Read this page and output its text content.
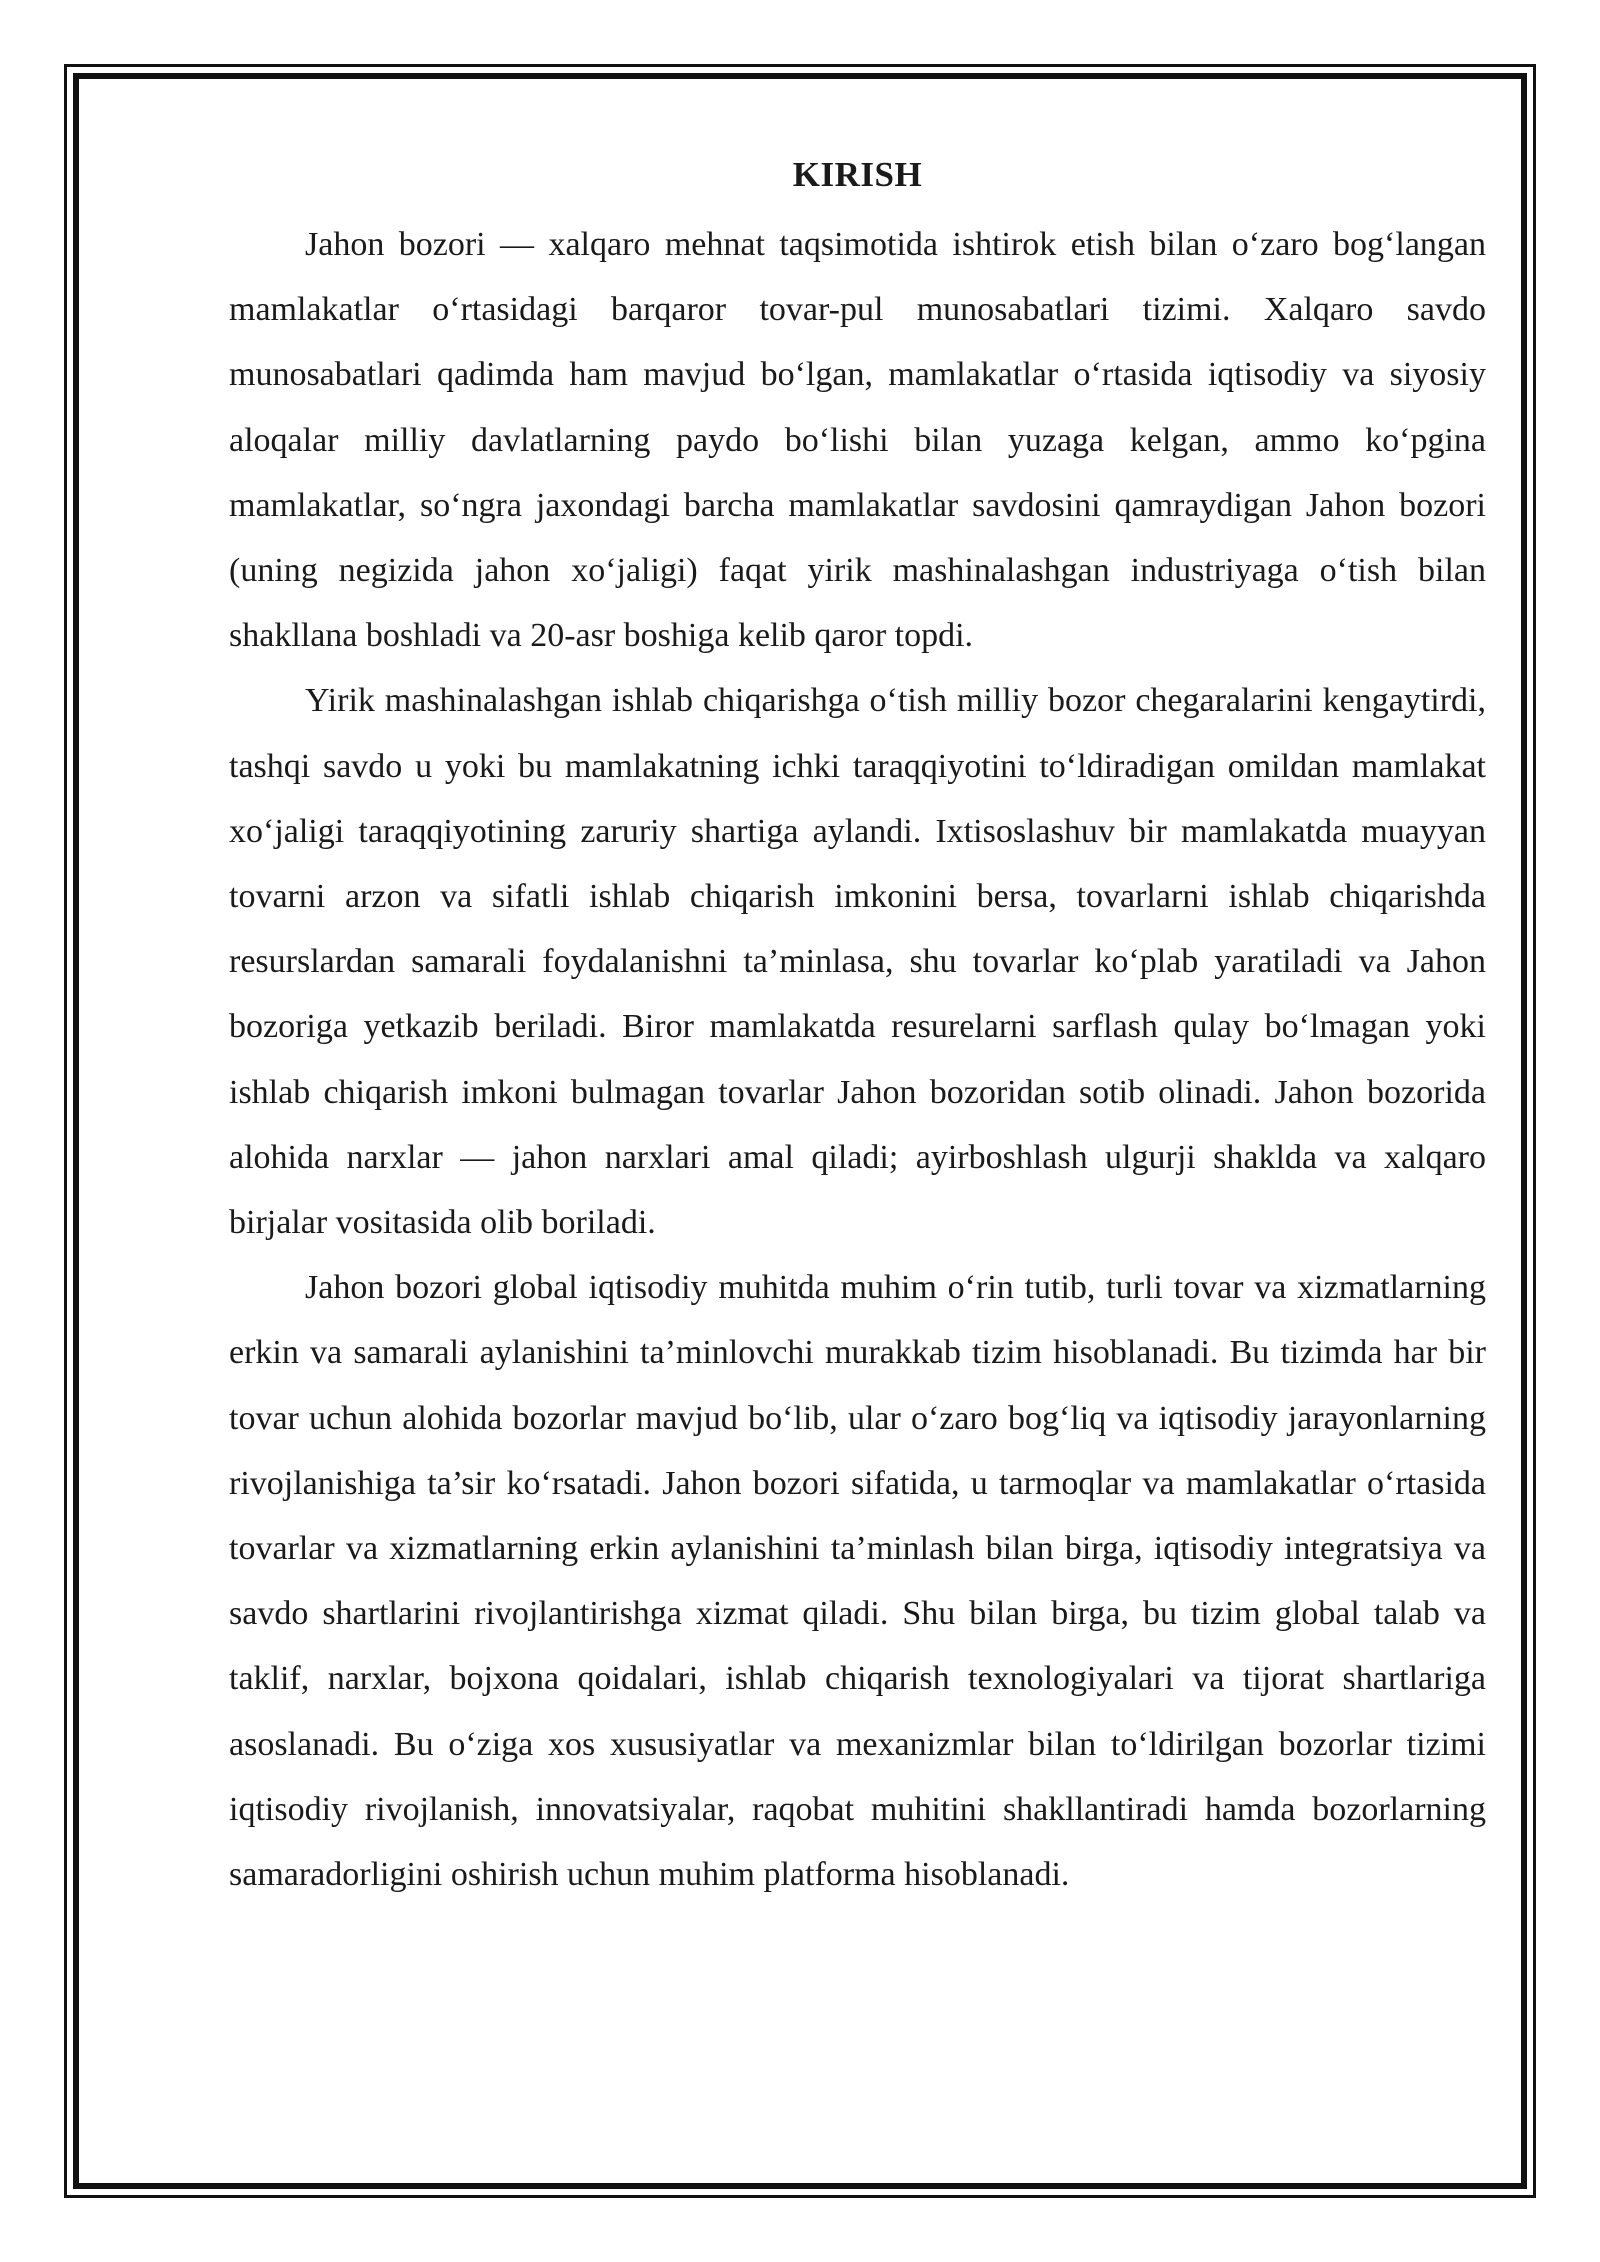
KIRISH

Jahon bozori — xalqaro mehnat taqsimotida ishtirok etish bilan o‘zaro bog‘langan mamlakatlar o‘rtasidagi barqaror tovar-pul munosabatlari tizimi. Xalqaro savdo munosabatlari qadimda ham mavjud bo‘lgan, mamlakatlar o‘rtasida iqtisodiy va siyosiy aloqalar milliy davlatlarning paydo bo‘lishi bilan yuzaga kelgan, ammo ko‘pgina mamlakatlar, so‘ngra jaxondagi barcha mamlakatlar savdosini qamraydigan Jahon bozori (uning negizida jahon xo‘jaligi) faqat yirik mashinalashgan industriyaga o‘tish bilan shakllana boshladi va 20-asr boshiga kelib qaror topdi.

Yirik mashinalashgan ishlab chiqarishga o‘tish milliy bozor chegaralarini kengaytirdi, tashqi savdo u yoki bu mamlakatning ichki taraqqiyotini to‘ldiradigan omildan mamlakat xo‘jaligi taraqqiyotining zaruriy shartiga aylandi. Ixtisoslashuv bir mamlakatda muayyan tovarni arzon va sifatli ishlab chiqarish imkonini bersa, tovarlarni ishlab chiqarishda resurslardan samarali foydalanishni ta’minlasa, shu tovarlar ko‘plab yaratiladi va Jahon bozoriga yetkazib beriladi. Biror mamlakatda resurelarni sarflash qulay bo‘lmagan yoki ishlab chiqarish imkoni bulmagan tovarlar Jahon bozoridan sotib olinadi. Jahon bozorida alohida narxlar — jahon narxlari amal qiladi; ayirboshlash ulgurji shaklda va xalqaro birjalar vositasida olib boriladi.

Jahon bozori global iqtisodiy muhitda muhim o‘rin tutib, turli tovar va xizmatlarning erkin va samarali aylanishini ta’minlovchi murakkab tizim hisoblanadi. Bu tizimda har bir tovar uchun alohida bozorlar mavjud bo‘lib, ular o‘zaro bog‘liq va iqtisodiy jarayonlarning rivojlanishiga ta’sir ko‘rsatadi. Jahon bozori sifatida, u tarmoqlar va mamlakatlar o‘rtasida tovarlar va xizmatlarning erkin aylanishini ta’minlash bilan birga, iqtisodiy integratsiya va savdo shartlarini rivojlantirishga xizmat qiladi. Shu bilan birga, bu tizim global talab va taklif, narxlar, bojxona qoidalari, ishlab chiqarish texnologiyalari va tijorat shartlariga asoslanadi. Bu o‘ziga xos xususiyatlar va mexanizmlar bilan to‘ldirilgan bozorlar tizimi iqtisodiy rivojlanish, innovatsiyalar, raqobat muhitini shakllantiradi hamda bozorlarning samaradorligini oshirish uchun muhim platforma hisoblanadi.
